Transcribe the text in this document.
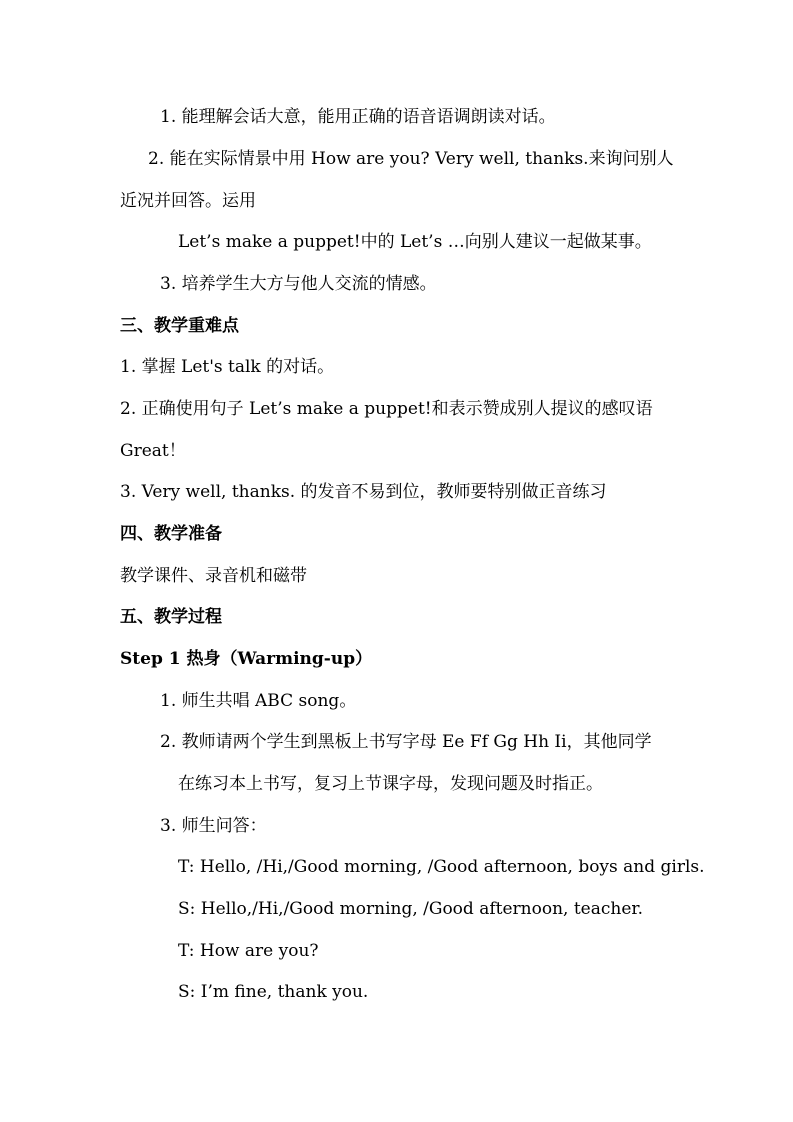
1. 能理解会话大意，能用正确的语音语调朗读对话。
2. 能在实际情景中用 How are you? Very well, thanks.来询问别人
近况并回答。运用
Let’s make a puppet!中的 Let’s …向别人建议一起做某事。
3. 培养学生大方与他人交流的情感。
三、教学重难点
1. 掌握 Let's talk 的对话。
2. 正确使用句子 Let’s make a puppet!和表示赞成别人提议的感叹语
Great！
3. Very well, thanks. 的发音不易到位，教师要特别做正音练习
四、教学准备
教学课件、录音机和磁带
五、教学过程
Step 1 热身（Warming-up）
1. 师生共唱 ABC song。
2. 教师请两个学生到黑板上书写字母 Ee Ff Gg Hh Ii，其他同学
在练习本上书写，复习上节课字母，发现问题及时指正。
3. 师生问答：
T: Hello, /Hi,/Good morning, /Good afternoon, boys and girls.
S: Hello,/Hi,/Good morning, /Good afternoon, teacher.
T: How are you?
S: I’m fine, thank you.
